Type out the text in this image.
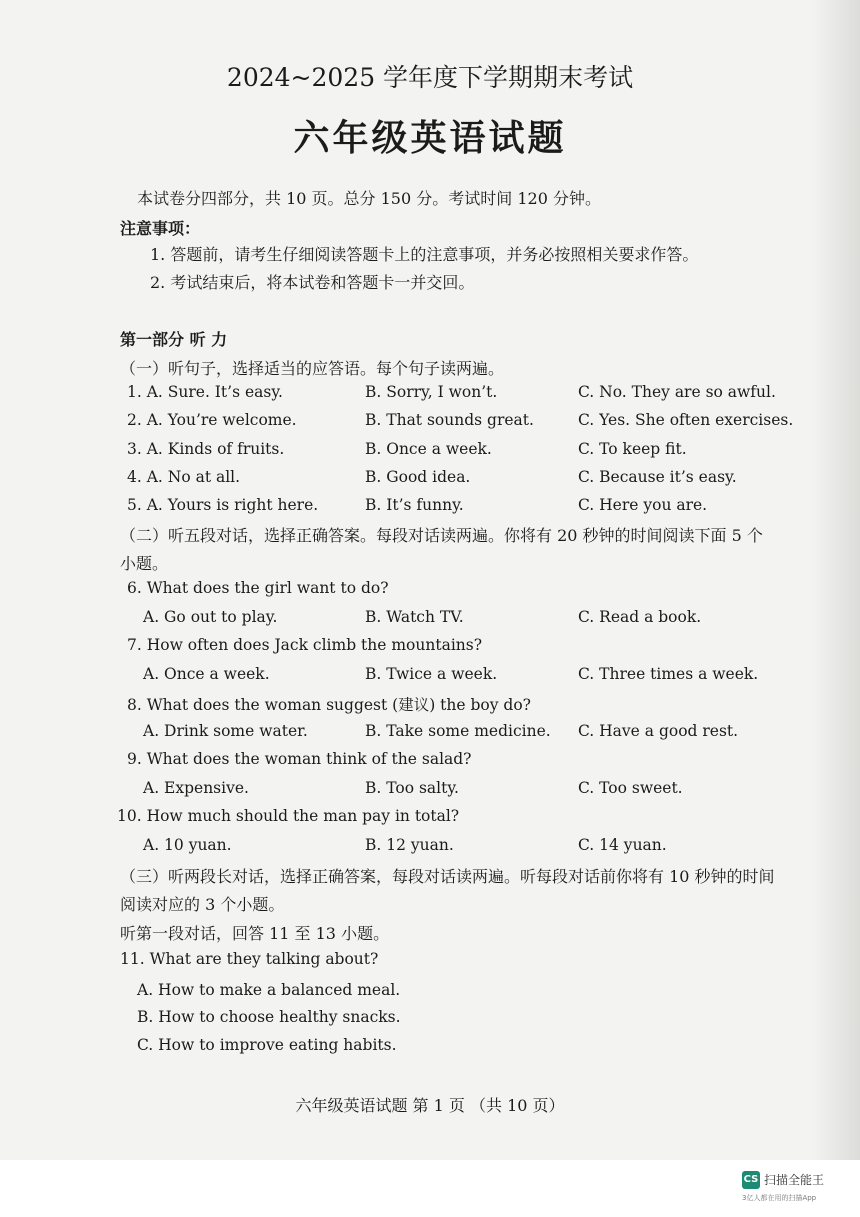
2024~2025 学年度下学期期末考试
六年级英语试题
本试卷分四部分，共 10 页。总分 150 分。考试时间 120 分钟。
注意事项：
1. 答题前，请考生仔细阅读答题卡上的注意事项，并务必按照相关要求作答。
2. 考试结束后，将本试卷和答题卡一并交回。
第一部分 听 力
（一）听句子，选择适当的应答语。每个句子读两遍。
1. A. Sure. It’s easy.	B. Sorry, I won’t.	C. No. They are so awful.
2. A. You’re welcome.	B. That sounds great.	C. Yes. She often exercises.
3. A. Kinds of fruits.	B. Once a week.	C. To keep fit.
4. A. No at all.	B. Good idea.	C. Because it’s easy.
5. A. Yours is right here.	B. It’s funny.	C. Here you are.
（二）听五段对话，选择正确答案。每段对话读两遍。你将有 20 秒钟的时间阅读下面 5 个
小题。
6. What does the girl want to do?
A. Go out to play.	B. Watch TV.	C. Read a book.
7. How often does Jack climb the mountains?
A. Once a week.	B. Twice a week.	C. Three times a week.
8. What does the woman suggest (建议) the boy do?
A. Drink some water.	B. Take some medicine. C. Have a good rest.
9. What does the woman think of the salad?
A. Expensive.	B. Too salty.	C. Too sweet.
10. How much should the man pay in total?
A. 10 yuan.	B. 12 yuan.	C. 14 yuan.
（三）听两段长对话，选择正确答案，每段对话读两遍。听每段对话前你将有 10 秒钟的时间
阅读对应的 3 个小题。
听第一段对话，回答 11 至 13 小题。
11. What are they talking about?
A. How to make a balanced meal.
B. How to choose healthy snacks.
C. How to improve eating habits.
六年级英语试题 第 1 页 （共 10 页）
CS 扫描全能王
3亿人都在用的扫描App
